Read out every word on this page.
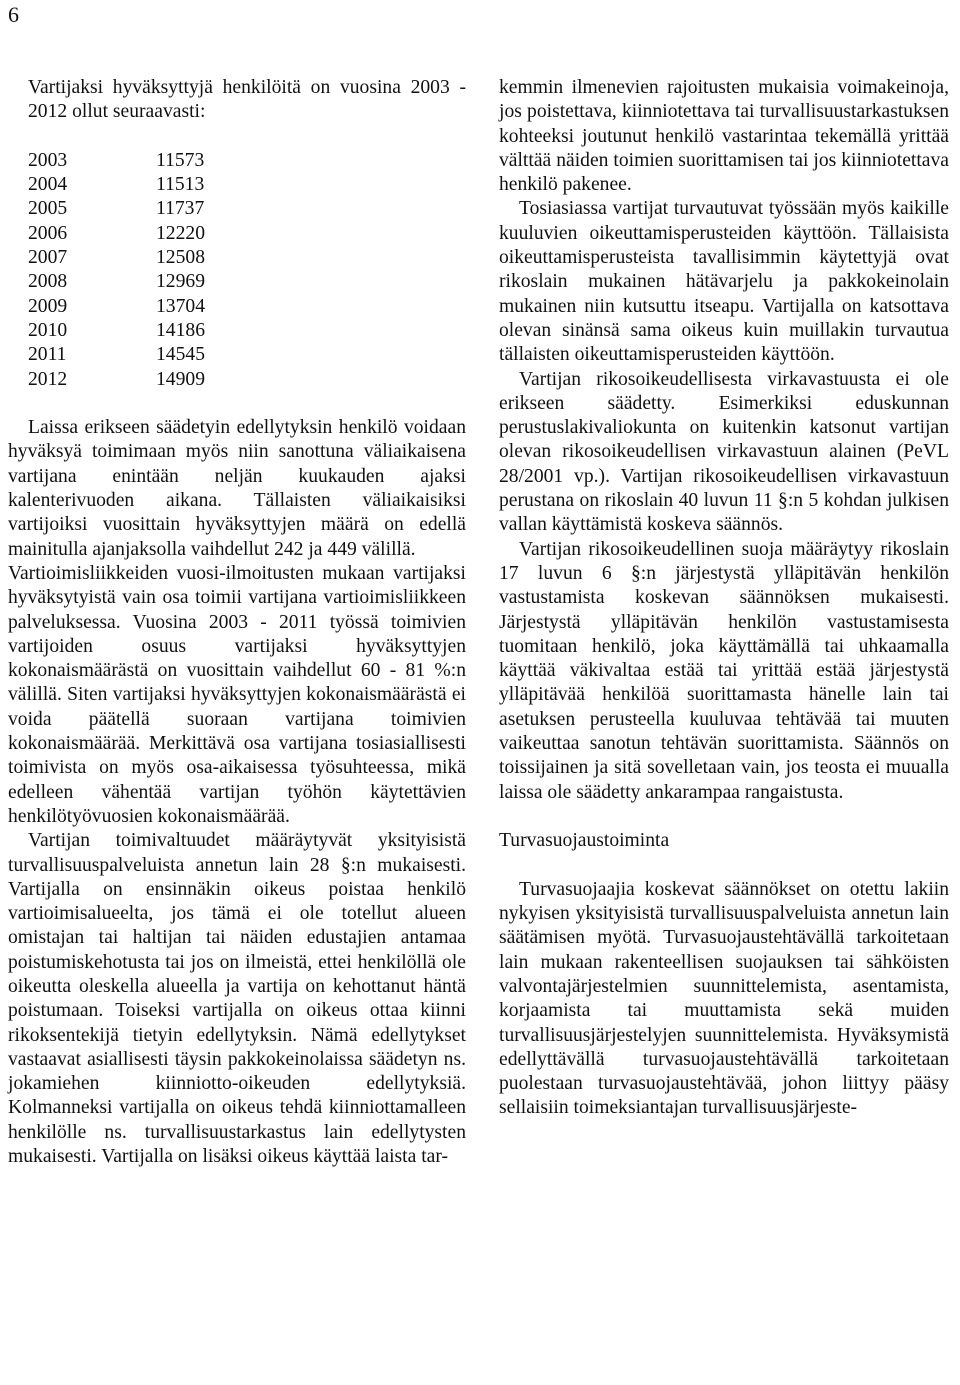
6

Vartijaksi hyväksyttyjä henkilöitä on vuosina 2003 - 2012 ollut seuraavasti:

2003	11573
2004	11513
2005	11737
2006	12220
2007	12508
2008	12969
2009	13704
2010	14186
2011	14545
2012	14909

Laissa erikseen säädetyin edellytyksin henkilö voidaan hyväksyä toimimaan myös niin sanottuna väliaikaisena vartijana enintään neljän kuukauden ajaksi kalenterivuoden aikana. Tällaisten väliaikaisiksi vartijoiksi vuosittain hyväksyttyjen määrä on edellä mainitulla ajanjaksolla vaihdellut 242 ja 449 välillä.

Vartioimisliikkeiden vuosi-ilmoitusten mukaan vartijaksi hyväksytyistä vain osa toimii vartijana vartioimisliikkeen palveluksessa. Vuosina 2003 - 2011 työssä toimivien vartijoiden osuus vartijaksi hyväksyttyjen kokonaismäärästä on vuosittain vaihdellut 60 - 81 %:n välillä. Siten vartijaksi hyväksyttyjen kokonaismäärästä ei voida päätellä suoraan vartijana toimivien kokonaismäärää. Merkittävä osa vartijana tosiasiallisesti toimivista on myös osa-aikaisessa työsuhteessa, mikä edelleen vähentää vartijan työhön käytettävien henkilötyövuosien kokonaismäärää.

Vartijan toimivaltuudet määräytyvät yksityisistä turvallisuuspalveluista annetun lain 28 §:n mukaisesti. Vartijalla on ensinnäkin oikeus poistaa henkilö vartioimisalueelta, jos tämä ei ole totellut alueen omistajan tai haltijan tai näiden edustajien antamaa poistumiskehotusta tai jos on ilmeistä, ettei henkilöllä ole oikeutta oleskella alueella ja vartija on kehottanut häntä poistumaan. Toiseksi vartijalla on oikeus ottaa kiinni rikoksentekijä tietyin edellytyksin. Nämä edellytykset vastaavat asiallisesti täysin pakkokeinolaissa säädetyn ns. jokamiehen kiinniotto-oikeuden edellytyksiä. Kolmanneksi vartijalla on oikeus tehdä kiinniottamalleen henkilölle ns. turvallisuustarkastus lain edellytysten mukaisesti. Vartijalla on lisäksi oikeus käyttää laista tar-

kemmin ilmenevien rajoitusten mukaisia voimakeinoja, jos poistettava, kiinniotettava tai turvallisuustarkastuksen kohteeksi joutunut henkilö vastarintaa tekemällä yrittää välttää näiden toimien suorittamisen tai jos kiinniotettava henkilö pakenee.

Tosiasiassa vartijat turvautuvat työssään myös kaikille kuuluvien oikeuttamisperusteiden käyttöön. Tällaisista oikeuttamisperusteista tavallisimmin käytettyjä ovat rikoslain mukainen hätävarjelu ja pakkokeinolain mukainen niin kutsuttu itseapu. Vartijalla on katsottava olevan sinänsä sama oikeus kuin muillakin turvautua tällaisten oikeuttamisperusteiden käyttöön.

Vartijan rikosoikeudellisesta virkavastuusta ei ole erikseen säädetty. Esimerkiksi eduskunnan perustuslakivaliokunta on kuitenkin katsonut vartijan olevan rikosoikeudellisen virkavastuun alainen (PeVL 28/2001 vp.). Vartijan rikosoikeudellisen virkavastuun perustana on rikoslain 40 luvun 11 §:n 5 kohdan julkisen vallan käyttämistä koskeva säännös.

Vartijan rikosoikeudellinen suoja määräytyy rikoslain 17 luvun 6 §:n järjestystä ylläpitävän henkilön vastustamista koskevan säännöksen mukaisesti. Järjestystä ylläpitävän henkilön vastustamisesta tuomitaan henkilö, joka käyttämällä tai uhkaamalla käyttää väkivaltaa estää tai yrittää estää järjestystä ylläpitävää henkilöä suorittamasta hänelle lain tai asetuksen perusteella kuuluvaa tehtävää tai muuten vaikeuttaa sanotun tehtävän suorittamista. Säännös on toissijainen ja sitä sovelletaan vain, jos teosta ei muualla laissa ole säädetty ankarampaa rangaistusta.

Turvasuojaustoiminta

Turvasuojaajia koskevat säännökset on otettu lakiin nykyisen yksityisistä turvallisuuspalveluista annetun lain säätämisen myötä. Turvasuojaustehtävällä tarkoitetaan lain mukaan rakenteellisen suojauksen tai sähköisten valvontajärjestelmien suunnittelemista, asentamista, korjaamista tai muuttamista sekä muiden turvallisuusjärjestelyjen suunnittelemista. Hyväksymistä edellyttävällä turvasuojaustehtävällä tarkoitetaan puolestaan turvasuojaustehtävää, johon liittyy pääsy sellaisiin toimeksiantajan turvallisuusjärjeste-
